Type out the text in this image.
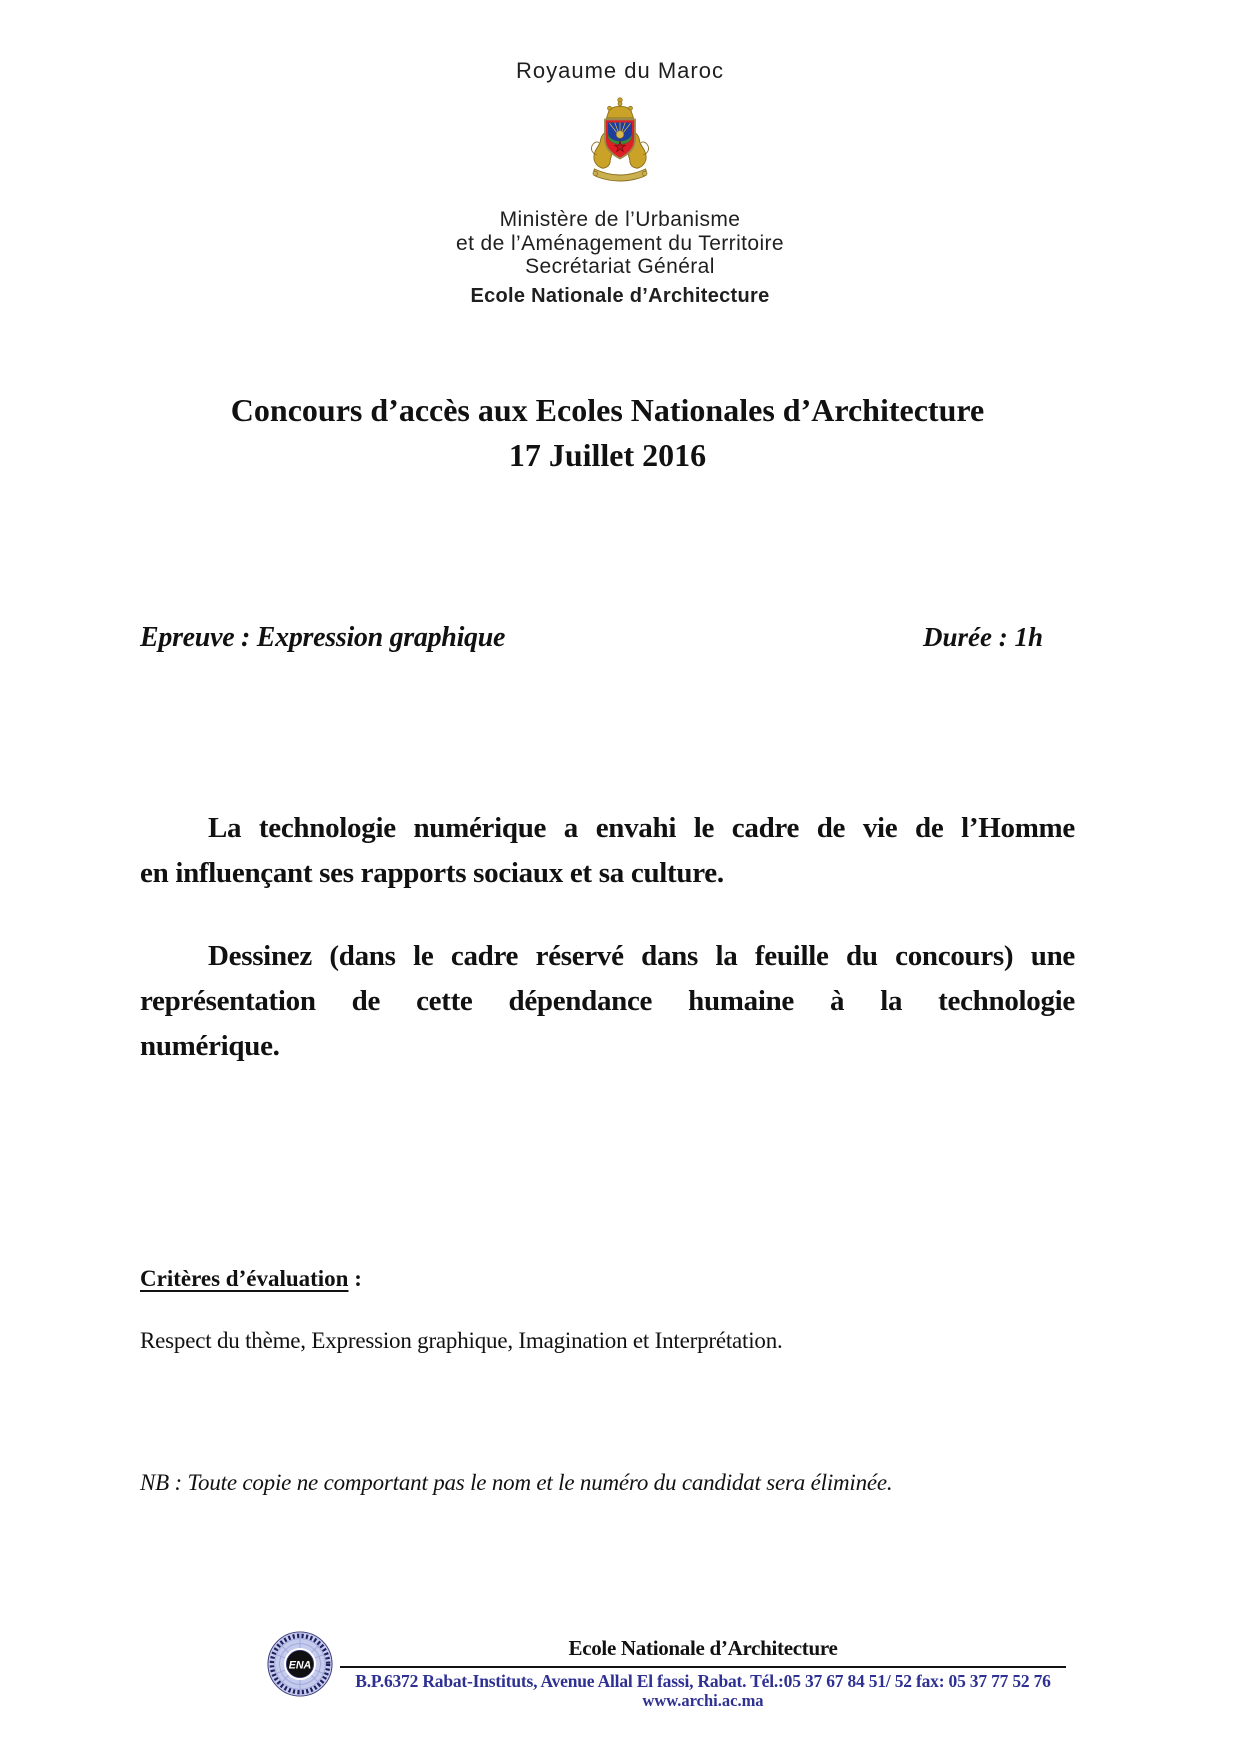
Royaume du Maroc
Ministère de l’Urbanisme
et de l’Aménagement du Territoire
Secrétariat Général
Ecole Nationale d’Architecture
Concours d’accès aux Ecoles Nationales d’Architecture
17 Juillet 2016
Epreuve : Expression graphique	Durée : 1h
La technologie numérique a envahi le cadre de vie de l’Homme
en influençant ses rapports sociaux et sa culture.
Dessinez (dans le cadre réservé dans la feuille du concours) une
représentation de cette dépendance humaine à la technologie
numérique.
Critères d’évaluation :
Respect du thème, Expression graphique, Imagination et Interprétation.
NB : Toute copie ne comportant pas le nom et le numéro du candidat sera éliminée.
ENA
Ecole Nationale d’Architecture
B.P.6372 Rabat-Instituts, Avenue Allal El fassi, Rabat. Tél.:05 37 67 84 51/ 52 fax: 05 37 77 52 76
www.archi.ac.ma
